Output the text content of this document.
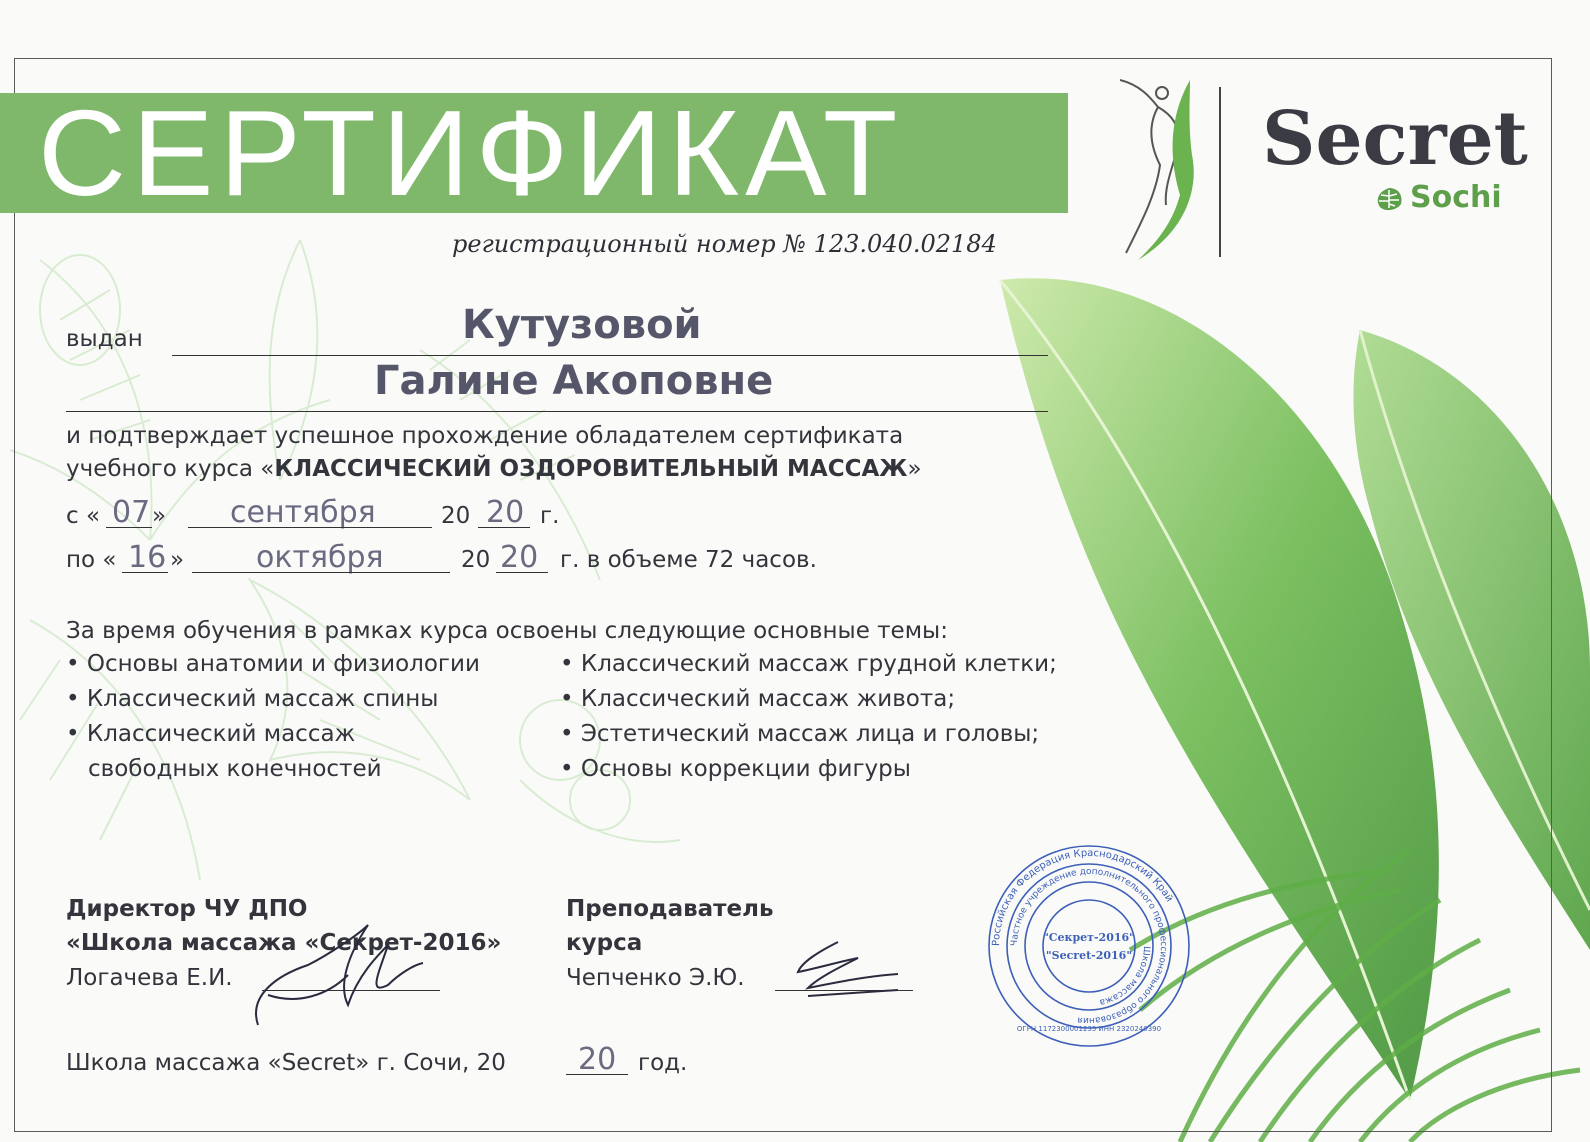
СЕРТИФИКАТ	Secret
Sochi
регистрационный номер № 123.040.02184
выдан	Кутузовой
Галине Акоповне
и подтверждает успешное прохождение обладателем сертификата
учебного курса «КЛАССИЧЕСКИЙ ОЗДОРОВИТЕЛЬНЫЙ МАССАЖ»
с « 07 » сентября	20 20 г.
по « 16 » октября	20 20 г. в объеме 72 часов.
За время обучения в рамках курса освоены следующие основные темы:
• Основы анатомии и физиологии
• Классический массаж спины
• Классический массаж
свободных конечностей
• Классический массаж грудной клетки;
• Классический массаж живота;
• Эстетический массаж лица и головы;
• Основы коррекции фигуры
Директор ЧУ ДПО
«Школа массажа «Секрет-2016»
Логачева Е.И.
Преподаватель
курса
Чепченко Э.Ю.
Российская Федерация Краснодарский Край
Частное учреждение дополнительного профессионального образования
Школа массажа
"Секрет-2016"
"Secret-2016"
ОГРН 1172300001235 ИНН 2320240390
Школа массажа «Secret» г. Сочи, 20 20 год.
